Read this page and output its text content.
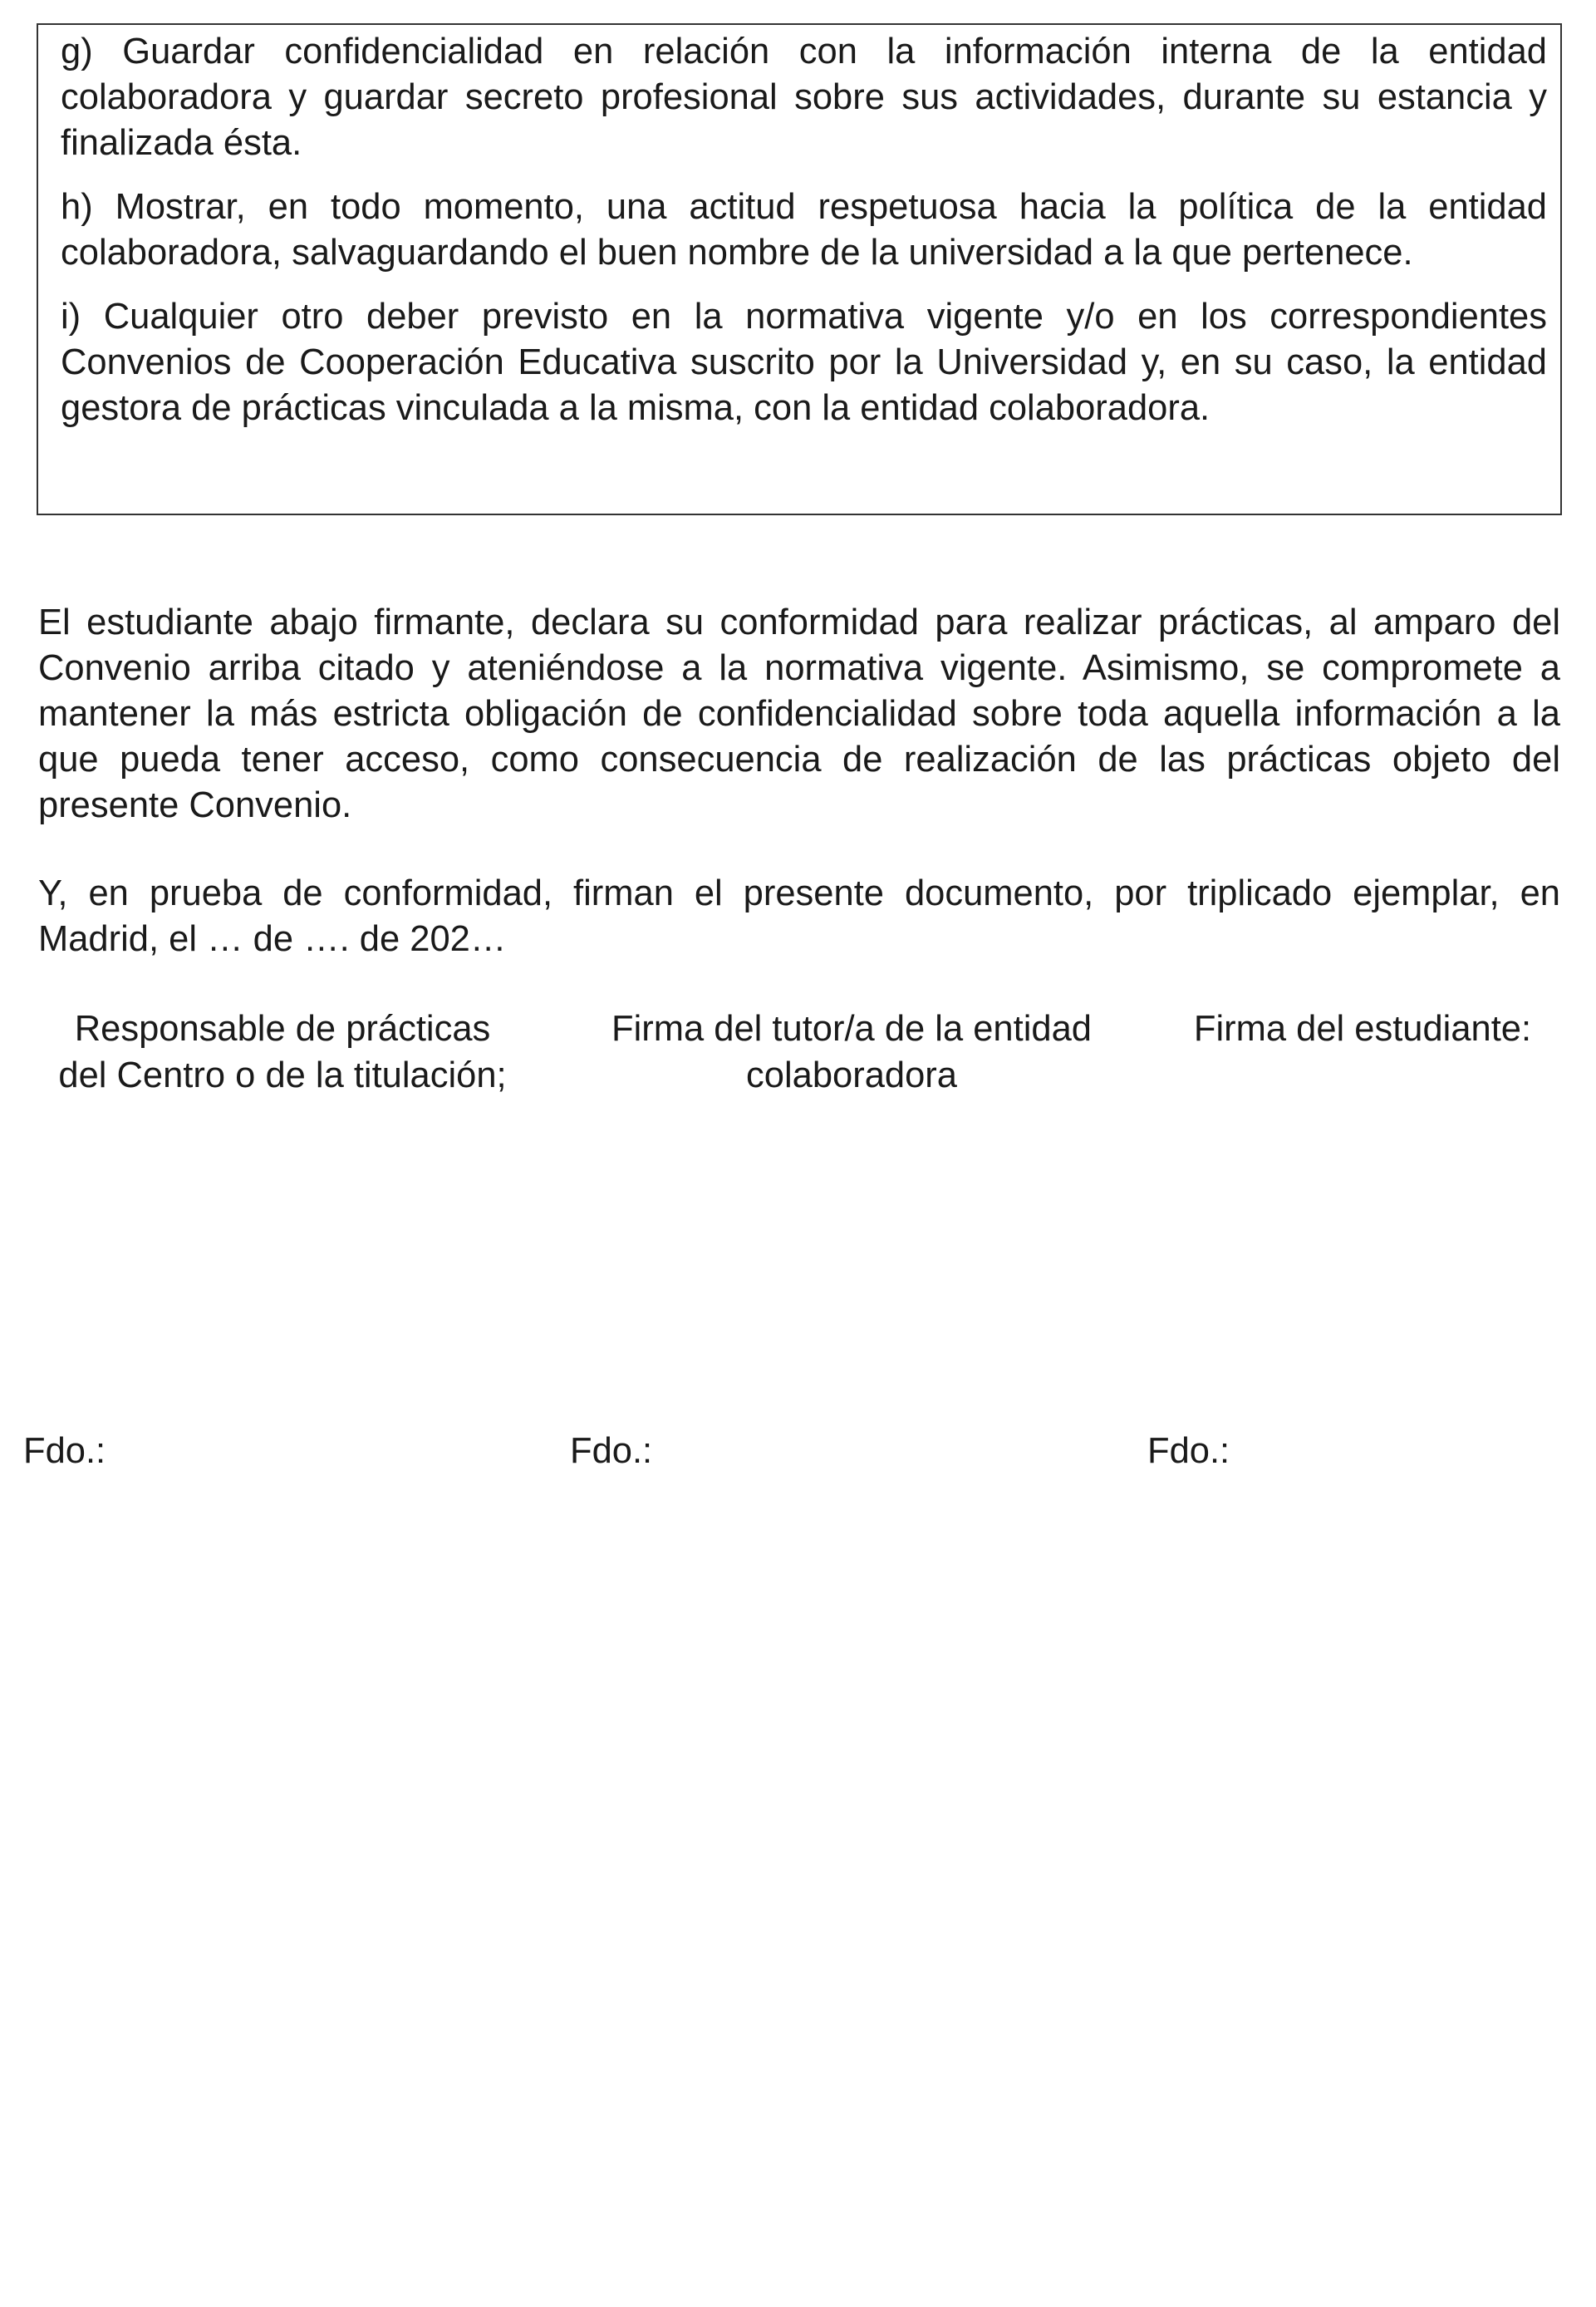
g) Guardar confidencialidad en relación con la información interna de la entidad colaboradora y guardar secreto profesional sobre sus actividades, durante su estancia y finalizada ésta.

h) Mostrar, en todo momento, una actitud respetuosa hacia la política de la entidad colaboradora, salvaguardando el buen nombre de la universidad a la que pertenece.

i) Cualquier otro deber previsto en la normativa vigente y/o en los correspondientes Convenios de Cooperación Educativa suscrito por la Universidad y, en su caso, la entidad gestora de prácticas vinculada a la misma, con la entidad colaboradora.

El estudiante abajo firmante, declara su conformidad para realizar prácticas, al amparo del Convenio arriba citado y ateniéndose a la normativa vigente. Asimismo, se compromete a mantener la más estricta obligación de confidencialidad sobre toda aquella información a la que pueda tener acceso, como consecuencia de realización de las prácticas objeto del presente Convenio.

Y, en prueba de conformidad, firman el presente documento, por triplicado ejemplar, en Madrid, el … de …. de 202…

Responsable de prácticas
del Centro o de la titulación;
Firma del tutor/a de la entidad
colaboradora
Firma del estudiante:

Fdo.:	Fdo.:	Fdo.:
